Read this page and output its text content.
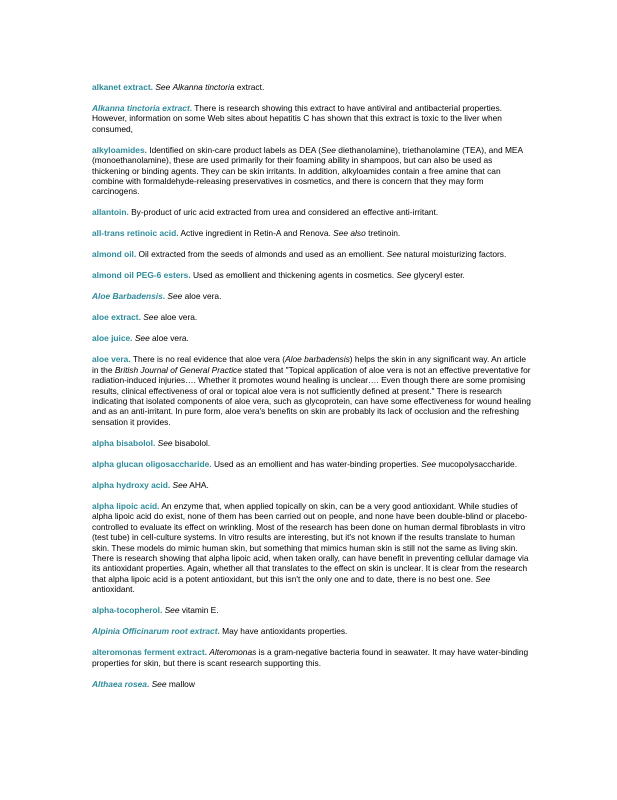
alkanet extract. See Alkanna tinctoria extract.

Alkanna tinctoria extract. There is research showing this extract to have antiviral and antibacterial properties. However, information on some Web sites about hepatitis C has shown that this extract is toxic to the liver when consumed,

alkyloamides. Identified on skin-care product labels as DEA (See diethanolamine), triethanolamine (TEA), and MEA (monoethanolamine), these are used primarily for their foaming ability in shampoos, but can also be used as thickening or binding agents. They can be skin irritants. In addition, alkyloamides contain a free amine that can combine with formaldehyde-releasing preservatives in cosmetics, and there is concern that they may form carcinogens.

allantoin. By-product of uric acid extracted from urea and considered an effective anti-irritant.

all-trans retinoic acid. Active ingredient in Retin-A and Renova. See also tretinoin.

almond oil. Oil extracted from the seeds of almonds and used as an emollient. See natural moisturizing factors.

almond oil PEG-6 esters. Used as emollient and thickening agents in cosmetics. See glyceryl ester.

Aloe Barbadensis. See aloe vera.

aloe extract. See aloe vera.

aloe juice. See aloe vera.

aloe vera. There is no real evidence that aloe vera (Aloe barbadensis) helps the skin in any significant way. An article in the British Journal of General Practice stated that "Topical application of aloe vera is not an effective preventative for radiation-induced injuries…. Whether it promotes wound healing is unclear…. Even though there are some promising results, clinical effectiveness of oral or topical aloe vera is not sufficiently defined at present." There is research indicating that isolated components of aloe vera, such as glycoprotein, can have some effectiveness for wound healing and as an anti-irritant. In pure form, aloe vera's benefits on skin are probably its lack of occlusion and the refreshing sensation it provides.

alpha bisabolol. See bisabolol.

alpha glucan oligosaccharide. Used as an emollient and has water-binding properties. See mucopolysaccharide.

alpha hydroxy acid. See AHA.

alpha lipoic acid. An enzyme that, when applied topically on skin, can be a very good antioxidant. While studies of alpha lipoic acid do exist, none of them has been carried out on people, and none have been double-blind or placebo-controlled to evaluate its effect on wrinkling. Most of the research has been done on human dermal fibroblasts in vitro (test tube) in cell-culture systems. In vitro results are interesting, but it's not known if the results translate to human skin. These models do mimic human skin, but something that mimics human skin is still not the same as living skin. There is research showing that alpha lipoic acid, when taken orally, can have benefit in preventing cellular damage via its antioxidant properties. Again, whether all that translates to the effect on skin is unclear. It is clear from the research that alpha lipoic acid is a potent antioxidant, but this isn't the only one and to date, there is no best one. See antioxidant.

alpha-tocopherol. See vitamin E.

Alpinia Officinarum root extract. May have antioxidants properties.

alteromonas ferment extract. Alteromonas is a gram-negative bacteria found in seawater. It may have water-binding properties for skin, but there is scant research supporting this.

Althaea rosea. See mallow
